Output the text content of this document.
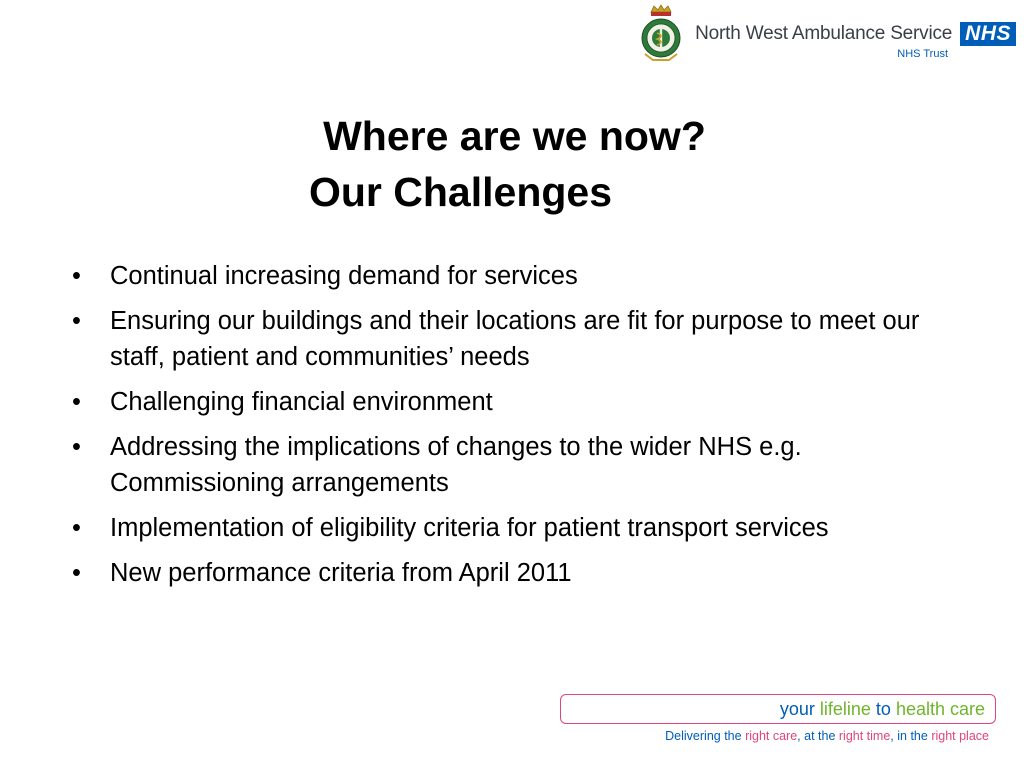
North West Ambulance Service NHS
NHS Trust
Where are we now?
Our Challenges
• Continual increasing demand for services
• Ensuring our buildings and their locations are fit for purpose to meet our staff, patient and communities’ needs
• Challenging financial environment
• Addressing the implications of changes to the wider NHS e.g. Commissioning arrangements
• Implementation of eligibility criteria for patient transport services
• New performance criteria from April 2011
your lifeline to health care
Delivering the right care, at the right time, in the right place
